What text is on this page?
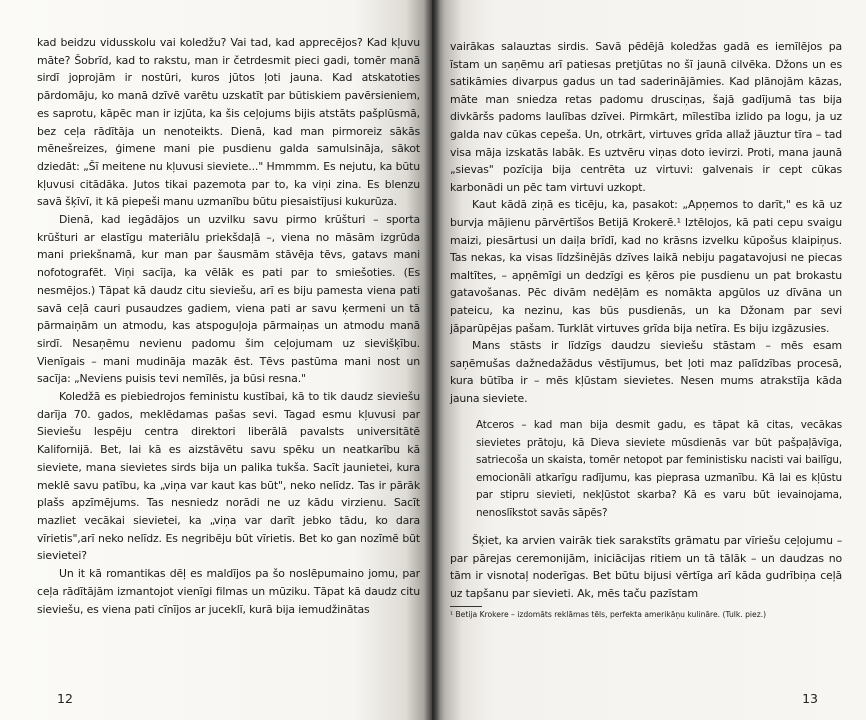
kad beidzu vidusskolu vai koledžu? Vai tad, kad apprecējos? Kad kļuvu māte? Šobrīd, kad to rakstu, man ir četrdesmit pieci gadi, tomēr manā sirdī joprojām ir nostūri, kuros jūtos ļoti jauna. Kad atskatoties pārdomāju, ko manā dzīvē varētu uzskatīt par būtiskiem pavērsieniem, es saprotu, kāpēc man ir izjūta, ka šis ceļojums bijis atstāts pašplūsmā, bez ceļa rādītāja un nenoteikts. Dienā, kad man pirmoreiz sākās mēnešreizes, ģimene mani pie pusdienu galda samulsināja, sākot dziedāt: „Šī meitene nu kļuvusi sieviete..." Hmmmm. Es nejutu, ka būtu kļuvusi citādāka. Jutos tikai pazemota par to, ka viņi zina. Es blenzu savā šķīvī, it kā piepeši manu uzmanību būtu piesaistījusi kukurūza.

Dienā, kad iegādājos un uzvilku savu pirmo krūšturi – sporta krūšturi ar elastīgu materiālu priekšdaļā –, viena no māsām izgrūda mani priekšnamā, kur man par šausmām stāvēja tēvs, gatavs mani nofotografēt. Viņi sacīja, ka vēlāk es pati par to smiešoties. (Es nesmējos.) Tāpat kā daudz citu sieviešu, arī es biju pamesta viena pati savā ceļā cauri pusaudzes gadiem, viena pati ar savu ķermeni un tā pārmaiņām un atmodu, kas atspoguļoja pārmaiņas un atmodu manā sirdī. Nesaņēmu nevienu padomu šim ceļojumam uz sievišķību. Vienīgais – mani mudināja mazāk ēst. Tēvs pastūma mani nost un sacīja: „Neviens puisis tevi nemīlēs, ja būsi resna."

Koledžā es piebiedrojos feministu kustībai, kā to tik daudz sieviešu darīja 70. gados, meklēdamas pašas sevi. Tagad esmu kļuvusi par Sieviešu lespēju centra direktori liberālā pavalsts universitātē Kalifornijā. Bet, lai kā es aizstāvētu savu spēku un neatkarību kā sieviete, mana sievietes sirds bija un palika tukša. Sacīt jaunietei, kura meklē savu patību, ka „viņa var kaut kas būt", neko nelīdz. Tas ir pārāk plašs apzīmējums. Tas nesniedz norādi ne uz kādu virzienu. Sacīt mazliet vecākai sievietei, ka „viņa var darīt jebko tādu, ko dara vīrietis",arī neko nelīdz. Es negribēju būt vīrietis. Bet ko gan nozīmē būt sievietei?

Un it kā romantikas dēļ es maldījos pa šo noslēpumaino jomu, par ceļa rādītājām izmantojot vienīgi filmas un mūziku. Tāpat kā daudz citu sieviešu, es viena pati cīnījos ar juceklī, kurā bija iemudžinātas

12

vairākas salauztas sirdis. Savā pēdējā koledžas gadā es iemīlējos pa īstam un saņēmu arī patiesas pretjūtas no šī jaunā cilvēka. Džons un es satikāmies divarpus gadus un tad saderinājāmies. Kad plānojām kāzas, māte man sniedza retas padomu drusciņas, šajā gadījumā tas bija divkāršs padoms laulības dzīvei. Pirmkārt, mīlestība izlido pa logu, ja uz galda nav cūkas cepeša. Un, otrkārt, virtuves grīda allaž jāuztur tīra – tad visa māja izskatās labāk. Es uztvēru viņas doto ievirzi. Proti, mana jaunā „sievas" pozīcija bija centrēta uz virtuvi: galvenais ir cept cūkas karbonādi un pēc tam virtuvi uzkopt.

Kaut kādā ziņā es ticēju, ka, pasakot: „Apņemos to darīt," es kā uz burvja mājienu pārvērtīšos Betijā Krokerē.¹ Iztēlojos, kā pati cepu svaigu maizi, piesārtusi un daiļa brīdī, kad no krāsns izvelku kūpošus klaipiņus. Tas nekas, ka visas līdzšinējās dzīves laikā nebiju pagatavojusi ne piecas maltītes, – apņēmīgi un dedzīgi es ķēros pie pusdienu un pat brokastu gatavošanas. Pēc divām nedēļām es nomākta apgūlos uz dīvāna un pateicu, ka nezinu, kas būs pusdienās, un ka Džonam par sevi jāparūpējas pašam. Turklāt virtuves grīda bija netīra. Es biju izgāzusies.

Mans stāsts ir līdzīgs daudzu sieviešu stāstam – mēs esam saņēmušas dažnedažādus vēstījumus, bet ļoti maz palīdzības procesā, kura būtība ir – mēs kļūstam sievietes. Nesen mums atrakstīja kāda jauna sieviete.

Atceros – kad man bija desmit gadu, es tāpat kā citas, vecākas sievietes prātoju, kā Dieva sieviete mūsdienās var būt pašpaļāvīga, satriecoša un skaista, tomēr netopot par feministisku nacisti vai bailīgu, emocionāli atkarīgu radījumu, kas pieprasa uzmanību. Kā lai es kļūstu par stipru sievieti, nekļūstot skarba? Kā es varu būt ievainojama, nenoslīkstot savās sāpēs?

Šķiet, ka arvien vairāk tiek sarakstīts grāmatu par vīriešu ceļojumu – par pārejas ceremonijām, iniciācijas ritiem un tā tālāk – un daudzas no tām ir visnotaļ noderīgas. Bet būtu bijusi vērtīga arī kāda gudrībiņa ceļā uz tapšanu par sievieti. Ak, mēs taču pazīstam

¹ Betija Krokere – izdomāts reklāmas tēls, perfekta amerikāņu kulināre. (Tulk. piez.)

13
